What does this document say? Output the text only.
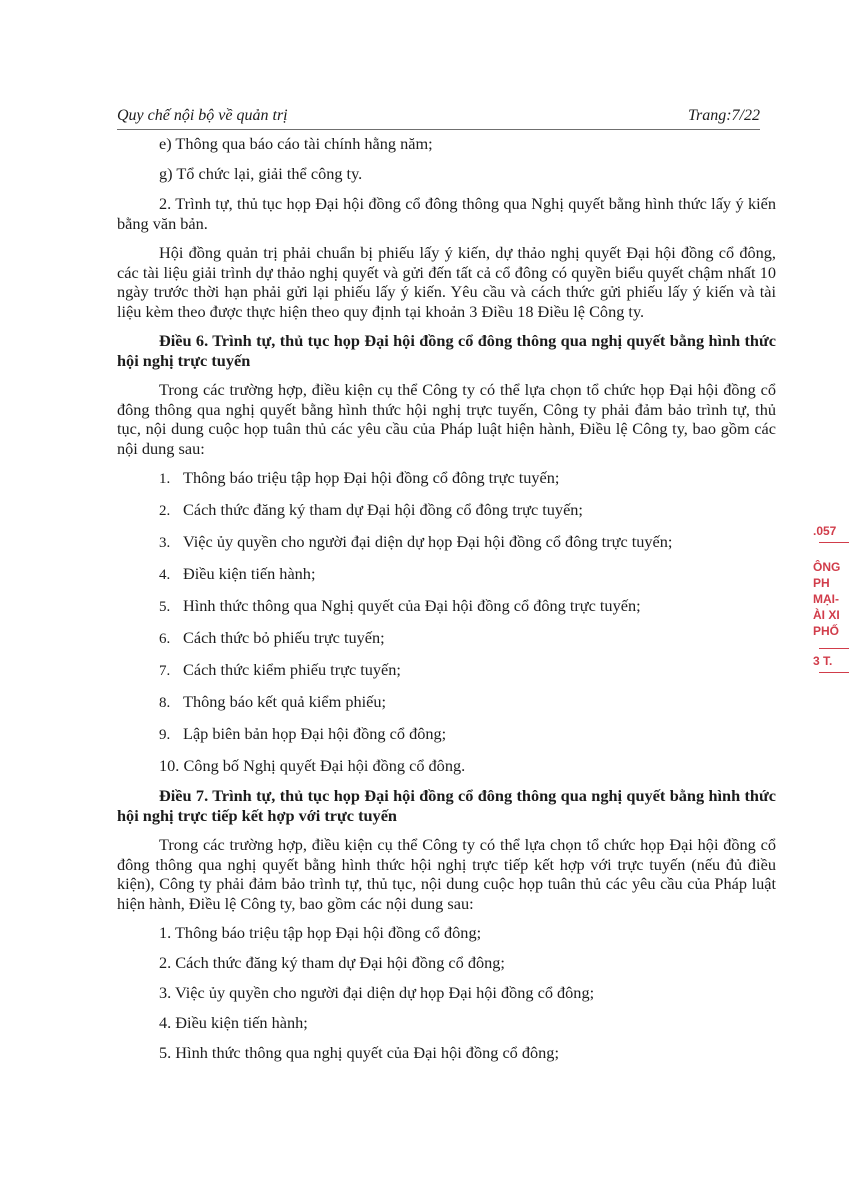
Quy chế nội bộ về quản trị	Trang:7/22

e) Thông qua báo cáo tài chính hằng năm;
g) Tổ chức lại, giải thể công ty.

2. Trình tự, thủ tục họp Đại hội đồng cổ đông thông qua Nghị quyết bằng hình thức lấy ý kiến bằng văn bản.

Hội đồng quản trị phải chuẩn bị phiếu lấy ý kiến, dự thảo nghị quyết Đại hội đồng cổ đông, các tài liệu giải trình dự thảo nghị quyết và gửi đến tất cả cổ đông có quyền biểu quyết chậm nhất 10 ngày trước thời hạn phải gửi lại phiếu lấy ý kiến. Yêu cầu và cách thức gửi phiếu lấy ý kiến và tài liệu kèm theo được thực hiện theo quy định tại khoản 3 Điều 18 Điều lệ Công ty.

Điều 6. Trình tự, thủ tục họp Đại hội đồng cổ đông thông qua nghị quyết bằng hình thức hội nghị trực tuyến

Trong các trường hợp, điều kiện cụ thể Công ty có thể lựa chọn tổ chức họp Đại hội đồng cổ đông thông qua nghị quyết bằng hình thức hội nghị trực tuyến, Công ty phải đảm bảo trình tự, thủ tục, nội dung cuộc họp tuân thủ các yêu cầu của Pháp luật hiện hành, Điều lệ Công ty, bao gồm các nội dung sau:

1. Thông báo triệu tập họp Đại hội đồng cổ đông trực tuyến;
2. Cách thức đăng ký tham dự Đại hội đồng cổ đông trực tuyến;
3. Việc ủy quyền cho người đại diện dự họp Đại hội đồng cổ đông trực tuyến;
4. Điều kiện tiến hành;
5. Hình thức thông qua Nghị quyết của Đại hội đồng cổ đông trực tuyến;
6. Cách thức bỏ phiếu trực tuyến;
7. Cách thức kiểm phiếu trực tuyến;
8. Thông báo kết quả kiểm phiếu;
9. Lập biên bản họp Đại hội đồng cổ đông;
10. Công bố Nghị quyết Đại hội đồng cổ đông.

Điều 7. Trình tự, thủ tục họp Đại hội đồng cổ đông thông qua nghị quyết bằng hình thức hội nghị trực tiếp kết hợp với trực tuyến

Trong các trường hợp, điều kiện cụ thể Công ty có thể lựa chọn tổ chức họp Đại hội đồng cổ đông thông qua nghị quyết bằng hình thức hội nghị trực tiếp kết hợp với trực tuyến (nếu đủ điều kiện), Công ty phải đảm bảo trình tự, thủ tục, nội dung cuộc họp tuân thủ các yêu cầu của Pháp luật hiện hành, Điều lệ Công ty, bao gồm các nội dung sau:

1. Thông báo triệu tập họp Đại hội đồng cổ đông;
2. Cách thức đăng ký tham dự Đại hội đồng cổ đông;
3. Việc ủy quyền cho người đại diện dự họp Đại hội đồng cổ đông;
4. Điều kiện tiến hành;
5. Hình thức thông qua nghị quyết của Đại hội đồng cổ đông;
.057
ÔNG
PH
MẠI-
ÀI XI
PHỐ
3 T.
